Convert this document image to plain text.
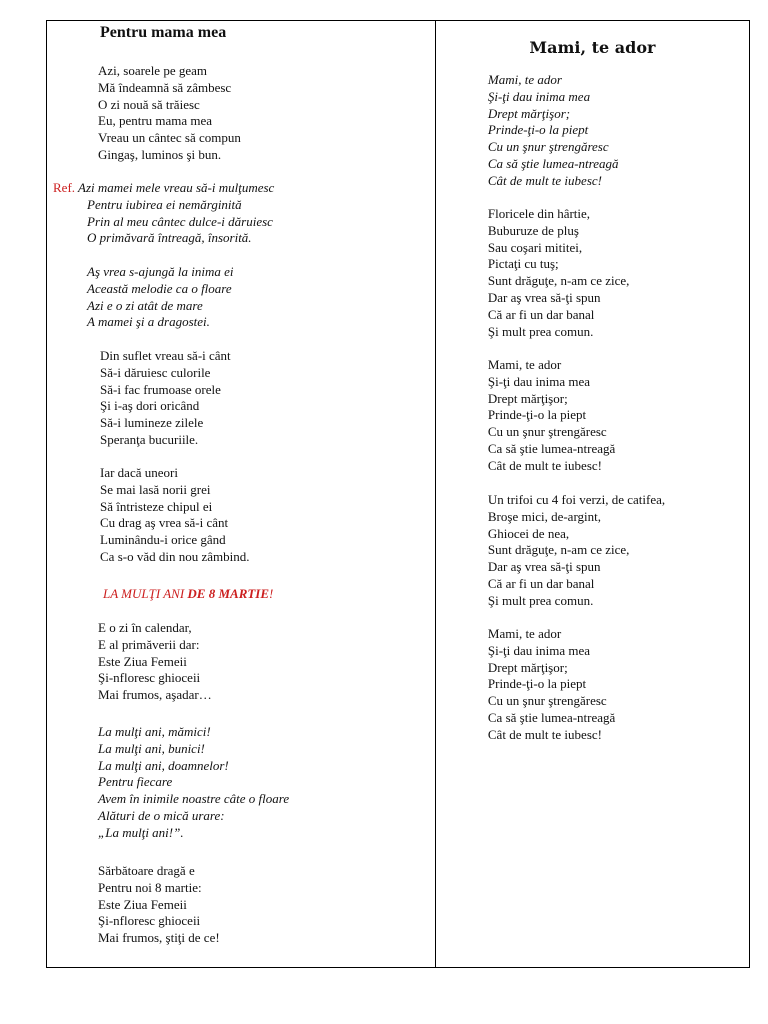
Pentru mama mea
Azi, soarele pe geam
Mă îndeamnă să zâmbesc
O zi nouă să trăiesc
Eu, pentru mama mea
Vreau un cântec să compun
Gingaş, luminos şi bun.
Ref. Azi mamei mele vreau să-i mulţumesc
Pentru iubirea ei nemărginită
Prin al meu cântec dulce-i dăruiesc
O primăvară întreagă, însorită.
Aş vrea s-ajungă la inima ei
Această melodie ca o floare
Azi e o zi atât de mare
A mamei şi a dragostei.
Din suflet vreau să-i cânt
Să-i dăruiesc culorile
Să-i fac frumoase orele
Şi i-aş dori oricând
Să-i lumineze zilele
Speranţa bucuriile.
Iar dacă uneori
Se mai lasă norii grei
Să întristeze chipul ei
Cu drag aş vrea să-i cânt
Luminându-i orice gând
Ca s-o văd din nou zâmbind.
LA MULŢI ANI DE 8 MARTIE!
E o zi în calendar,
E al primăverii dar:
Este Ziua Femeii
Şi-nfloresc ghioceii
Mai frumos, aşadar…
La mulţi ani, mămici!
La mulţi ani, bunici!
La mulţi ani, doamnelor!
Pentru fiecare
Avem în inimile noastre câte o floare
Alături de o mică urare:
„La mulţi ani!”.
Sărbătoare dragă e
Pentru noi 8 martie:
Este Ziua Femeii
Şi-nfloresc ghioceii
Mai frumos, ştiţi de ce!
Mami, te ador
Mami, te ador
Şi-ţi dau inima mea
Drept mărţişor;
Prinde-ţi-o la piept
Cu un şnur ştrengăresc
Ca să ştie lumea-ntreagă
Cât de mult te iubesc!
Floricele din hârtie,
Buburuze de pluş
Sau coşari mititei,
Pictaţi cu tuş;
Sunt drăguţe, n-am ce zice,
Dar aş vrea să-ţi spun
Că ar fi un dar banal
Şi mult prea comun.
Mami, te ador
Şi-ţi dau inima mea
Drept mărţişor;
Prinde-ţi-o la piept
Cu un şnur ştrengăresc
Ca să ştie lumea-ntreagă
Cât de mult te iubesc!
Un trifoi cu 4 foi verzi, de catifea,
Broşe mici, de-argint,
Ghiocei de nea,
Sunt drăguţe, n-am ce zice,
Dar aş vrea să-ţi spun
Că ar fi un dar banal
Şi mult prea comun.
Mami, te ador
Şi-ţi dau inima mea
Drept mărţişor;
Prinde-ţi-o la piept
Cu un şnur ştrengăresc
Ca să ştie lumea-ntreagă
Cât de mult te iubesc!
